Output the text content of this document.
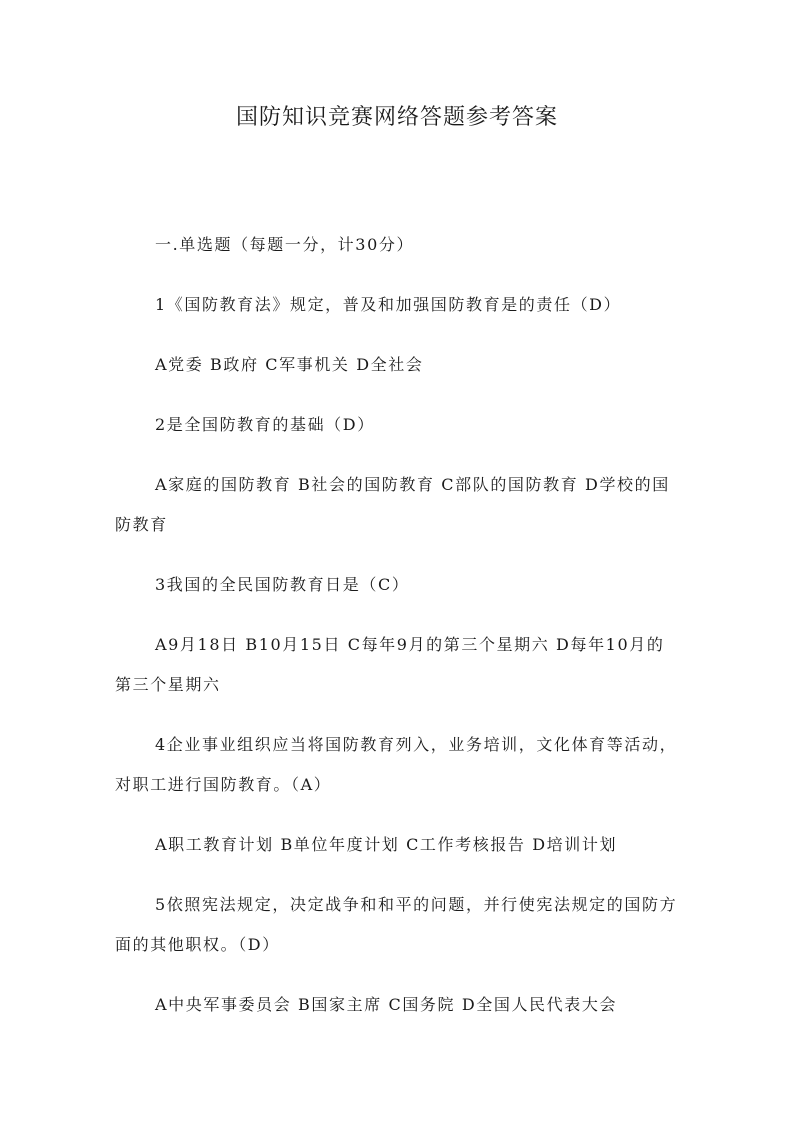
国防知识竞赛网络答题参考答案

一.单选题（每题一分，计30分）

1《国防教育法》规定，普及和加强国防教育是的责任（D）

A党委 B政府 C军事机关 D全社会

2是全国防教育的基础（D）

A家庭的国防教育 B社会的国防教育 C部队的国防教育 D学校的国防教育

3我国的全民国防教育日是（C）

A9月18日 B10月15日 C每年9月的第三个星期六 D每年10月的第三个星期六

4企业事业组织应当将国防教育列入，业务培训，文化体育等活动，对职工进行国防教育。（A）

A职工教育计划 B单位年度计划 C工作考核报告 D培训计划

5依照宪法规定，决定战争和和平的问题，并行使宪法规定的国防方面的其他职权。（D）

A中央军事委员会 B国家主席 C国务院 D全国人民代表大会
